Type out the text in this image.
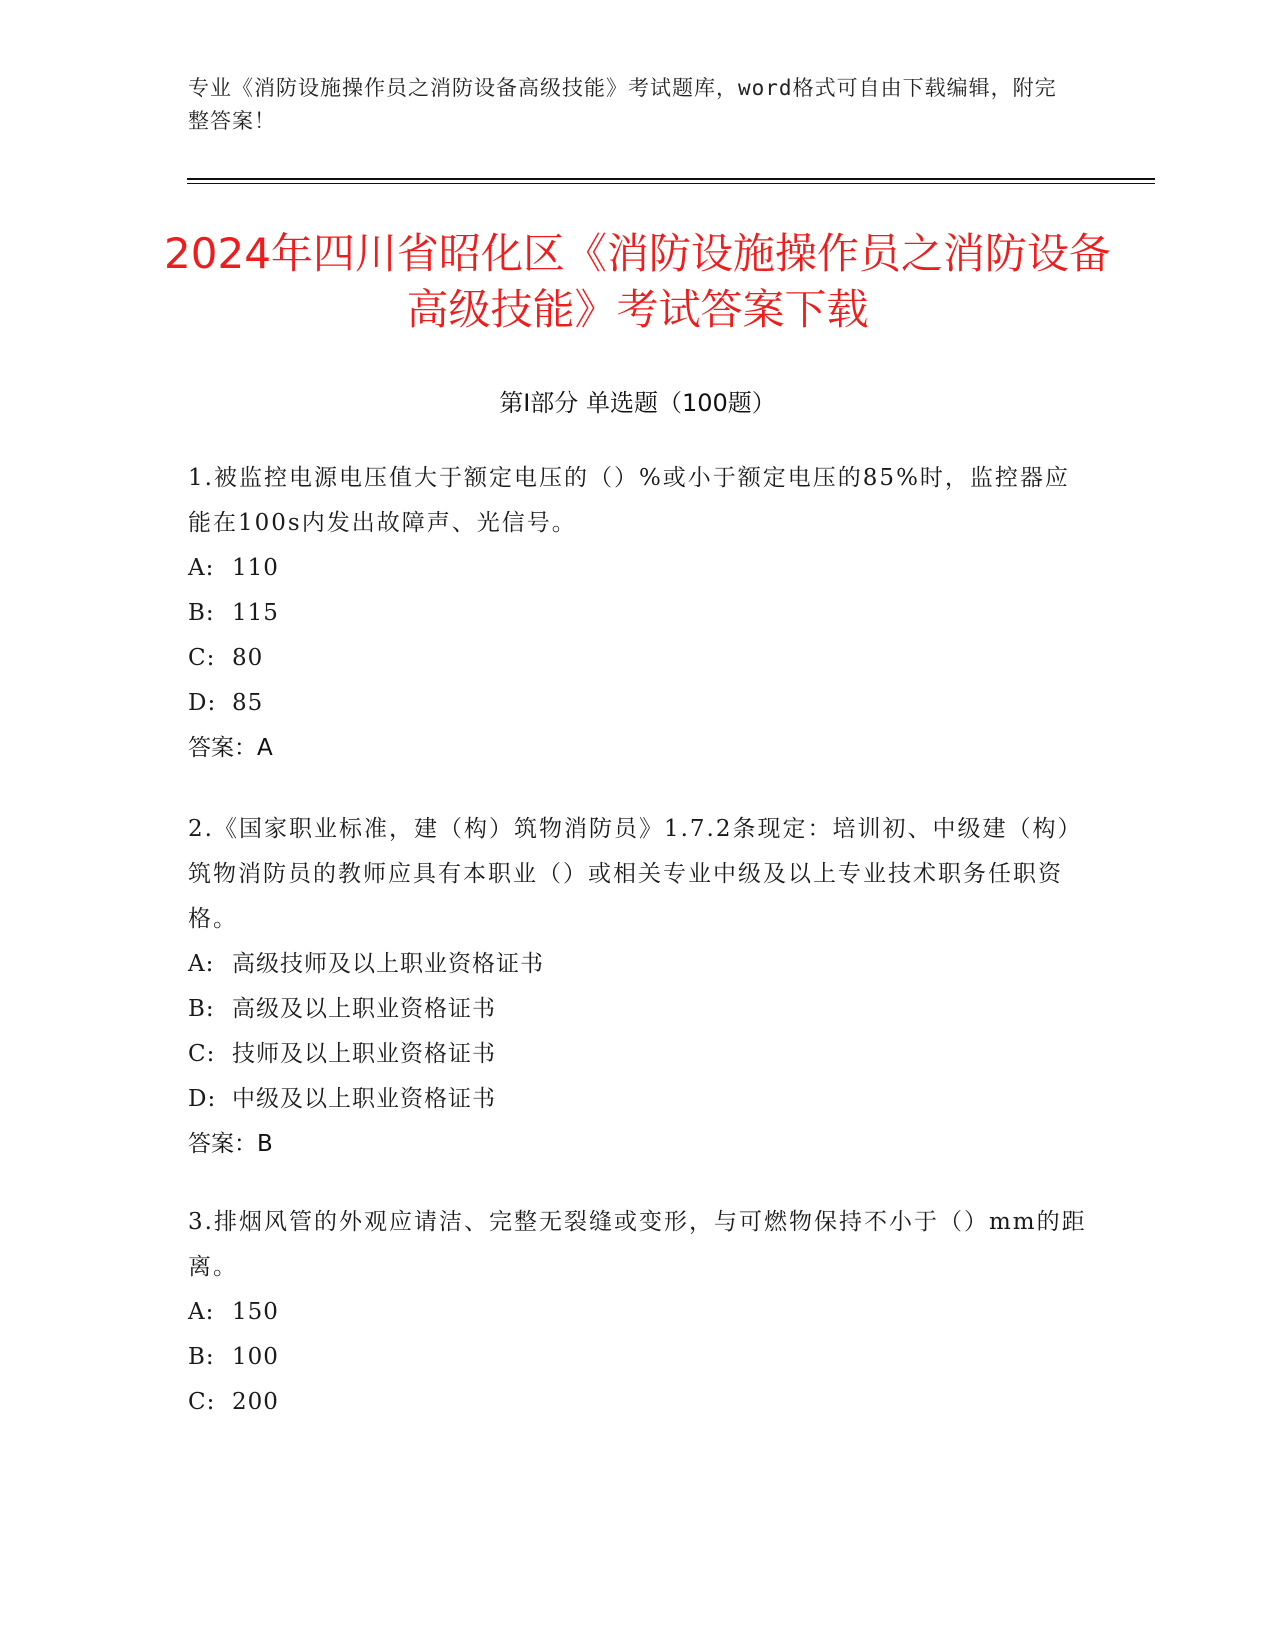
专业《消防设施操作员之消防设备高级技能》考试题库，word格式可自由下载编辑，附完整答案！
2024年四川省昭化区《消防设施操作员之消防设备高级技能》考试答案下载
第Ⅰ部分 单选题（100题）
1.被监控电源电压值大于额定电压的（）%或小于额定电压的85%时，监控器应能在100s内发出故障声、光信号。
A: 110
B: 115
C: 80
D: 85
答案：A
2.《国家职业标准，建（构）筑物消防员》1.7.2条现定：培训初、中级建（构）筑物消防员的教师应具有本职业（）或相关专业中级及以上专业技术职务任职资格。
A: 高级技师及以上职业资格证书
B: 高级及以上职业资格证书
C: 技师及以上职业资格证书
D: 中级及以上职业资格证书
答案：B
3.排烟风管的外观应请洁、完整无裂缝或变形，与可燃物保持不小于（）mm的距离。
A: 150
B: 100
C: 200
